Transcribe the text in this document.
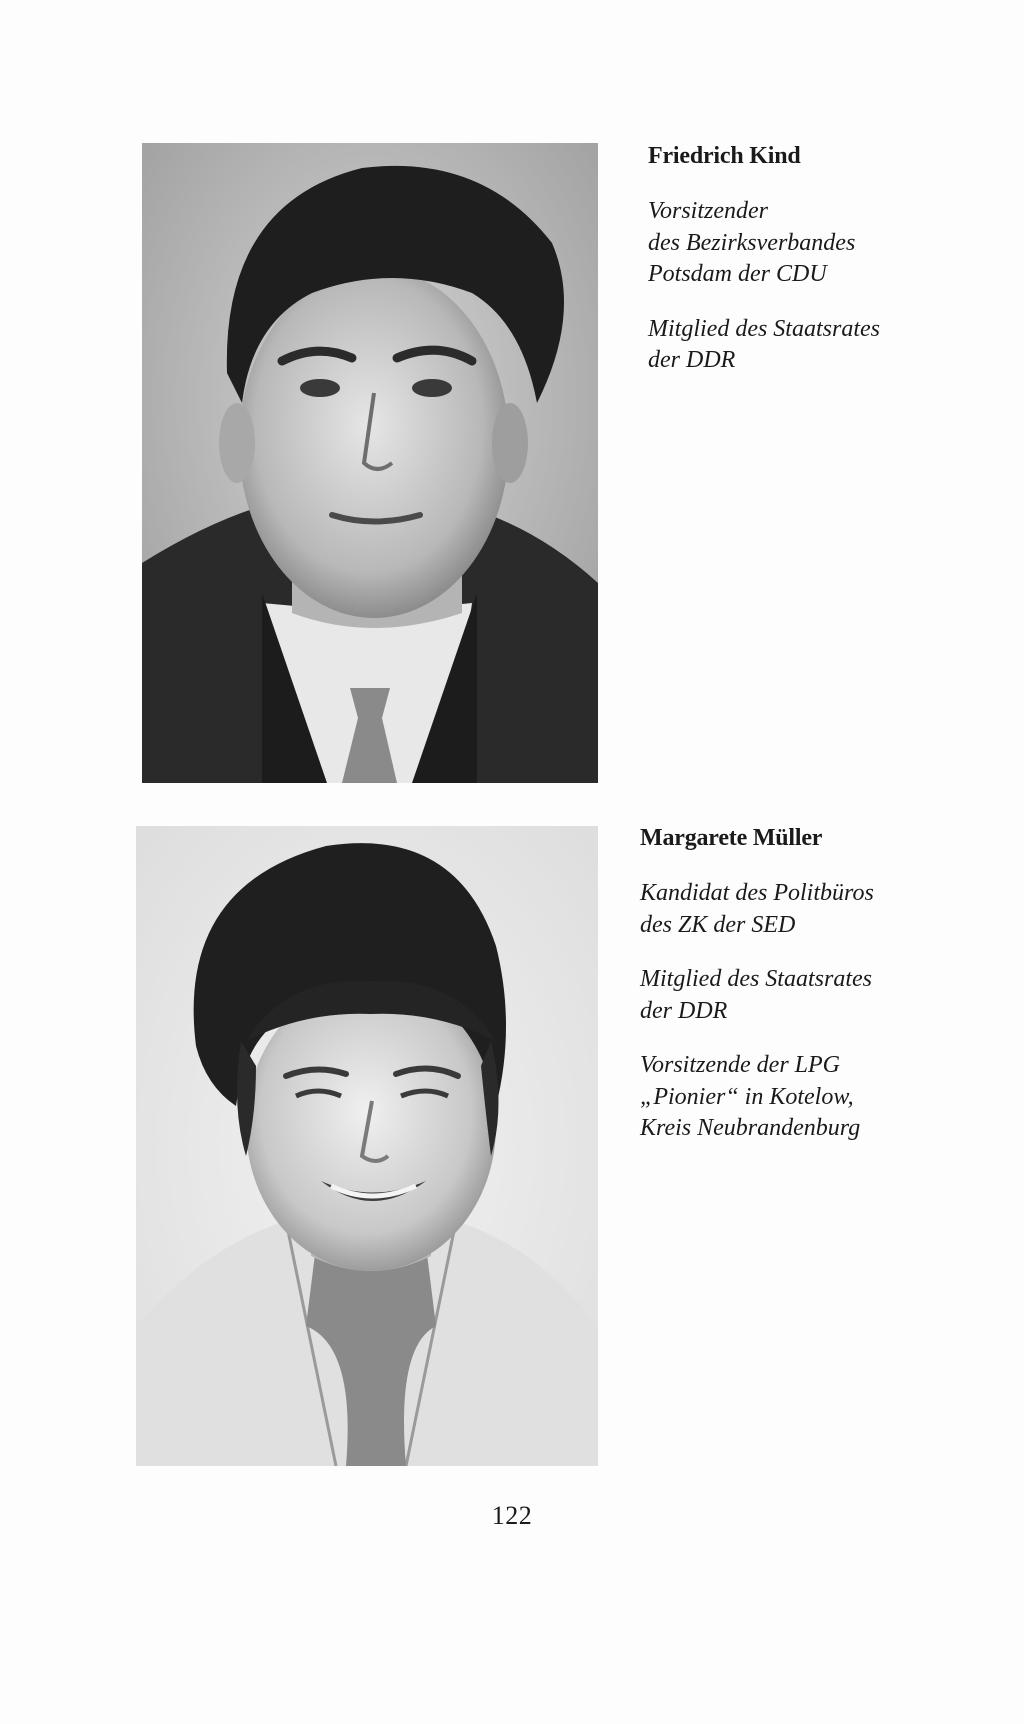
Friedrich Kind
Vorsitzender
des Bezirksverbandes
Potsdam der CDU
Mitglied des Staatsrates
der DDR
Margarete Müller
Kandidat des Politbüros
des ZK der SED
Mitglied des Staatsrates
der DDR
Vorsitzende der LPG
„Pionier“ in Kotelow,
Kreis Neubrandenburg
122
